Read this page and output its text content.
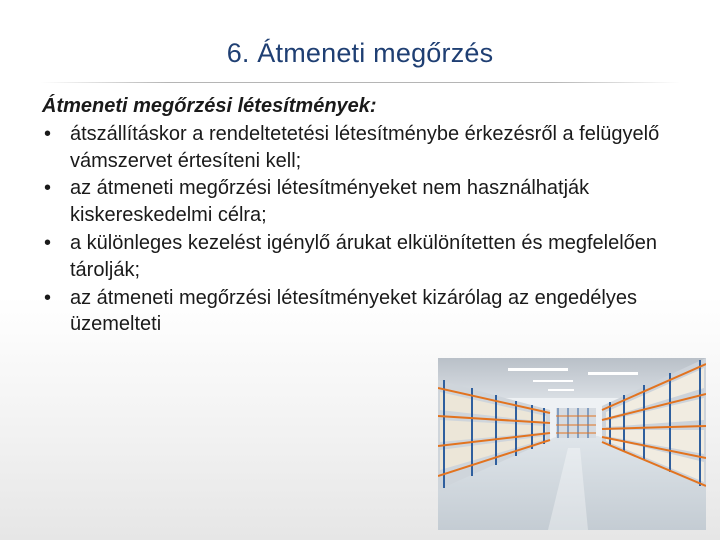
6. Átmeneti megőrzés
Átmeneti megőrzési létesítmények:
• átszállításkor a rendeltetetési létesítménybe érkezésről a felügyelő vámszervet értesíteni kell;
• az átmeneti megőrzési létesítményeket nem használhatják kiskereskedelmi célra;
• a különleges kezelést igénylő árukat elkülönítetten és megfelelően tárolják;
• az átmeneti megőrzési létesítményeket kizárólag az engedélyes üzemelteti
